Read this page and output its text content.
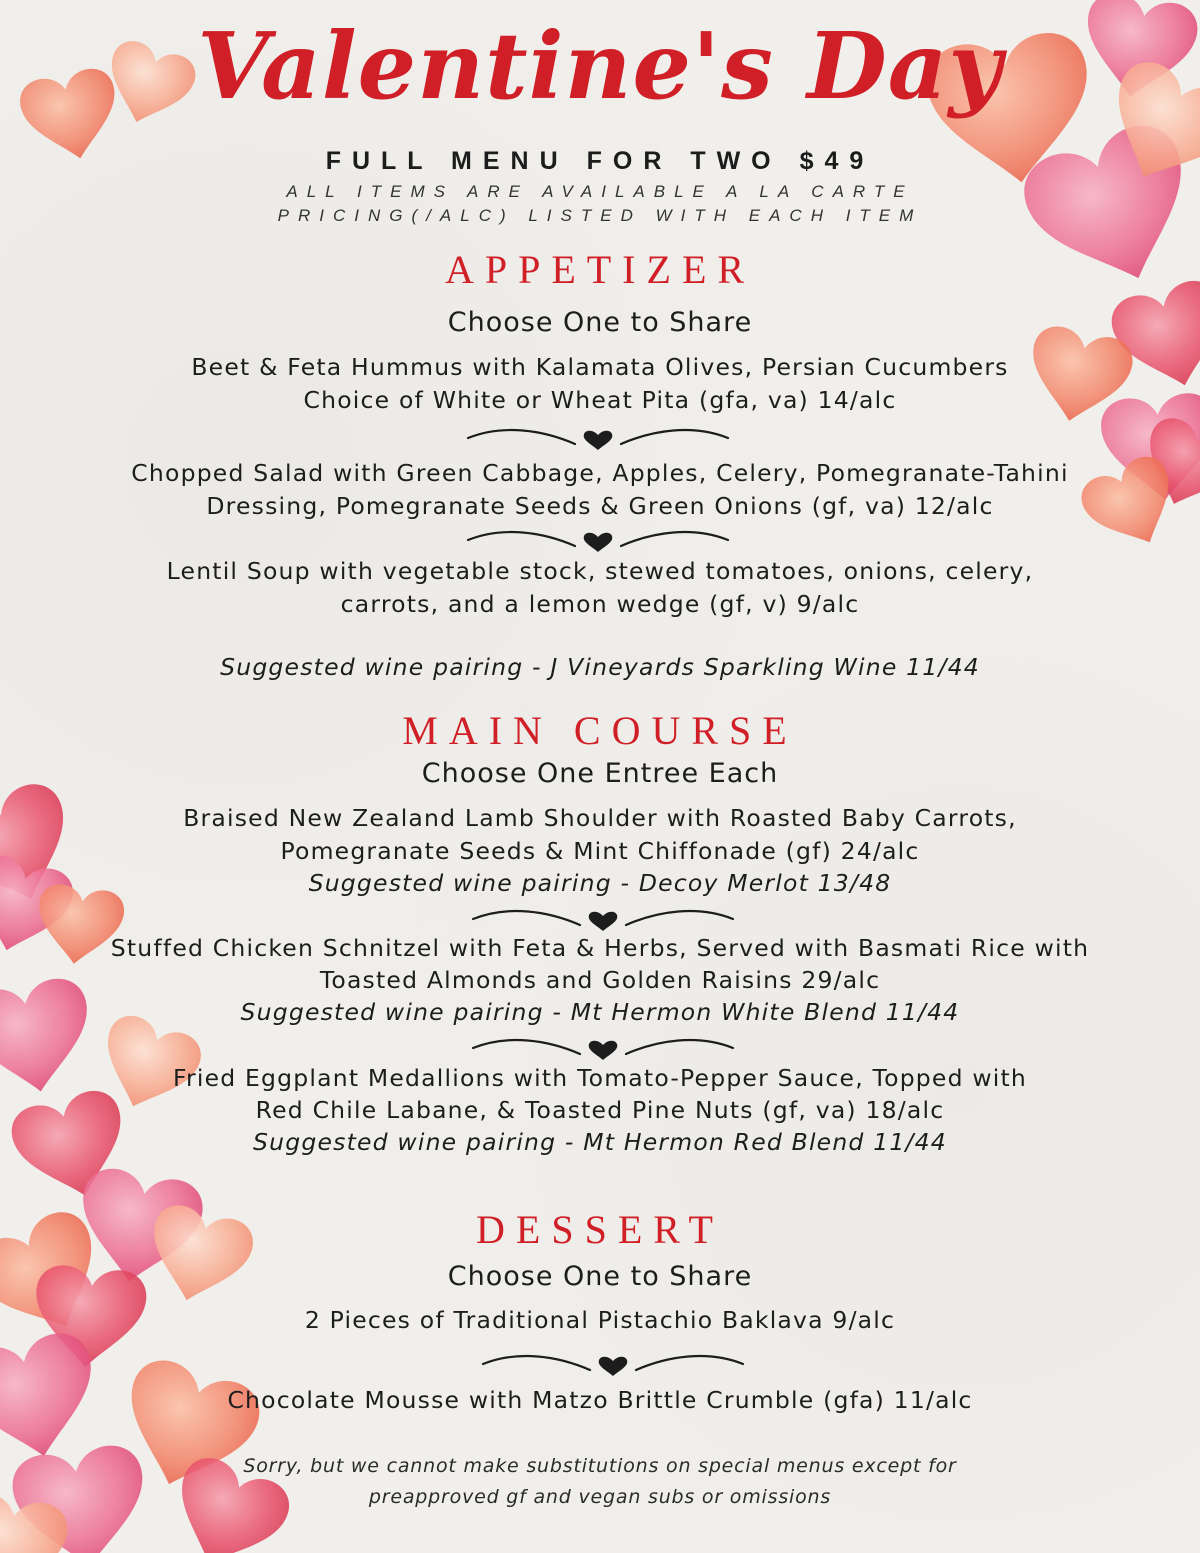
Valentine's Day
FULL MENU FOR TWO $49
ALL ITEMS ARE AVAILABLE A LA CARTE
PRICING(/ALC) LISTED WITH EACH ITEM
APPETIZER
Choose One to Share
Beet & Feta Hummus with Kalamata Olives, Persian Cucumbers
Choice of White or Wheat Pita (gfa, va) 14/alc
Chopped Salad with Green Cabbage, Apples, Celery, Pomegranate-Tahini
Dressing, Pomegranate Seeds & Green Onions (gf, va) 12/alc
Lentil Soup with vegetable stock, stewed tomatoes, onions, celery,
carrots, and a lemon wedge (gf, v) 9/alc
Suggested wine pairing - J Vineyards Sparkling Wine 11/44
MAIN COURSE
Choose One Entree Each
Braised New Zealand Lamb Shoulder with Roasted Baby Carrots,
Pomegranate Seeds & Mint Chiffonade (gf) 24/alc
Suggested wine pairing - Decoy Merlot 13/48
Stuffed Chicken Schnitzel with Feta & Herbs, Served with Basmati Rice with
Toasted Almonds and Golden Raisins 29/alc
Suggested wine pairing - Mt Hermon White Blend 11/44
Fried Eggplant Medallions with Tomato-Pepper Sauce, Topped with
Red Chile Labane, & Toasted Pine Nuts (gf, va) 18/alc
Suggested wine pairing - Mt Hermon Red Blend 11/44
DESSERT
Choose One to Share
2 Pieces of Traditional Pistachio Baklava 9/alc
Chocolate Mousse with Matzo Brittle Crumble (gfa) 11/alc
Sorry, but we cannot make substitutions on special menus except for
preapproved gf and vegan subs or omissions
